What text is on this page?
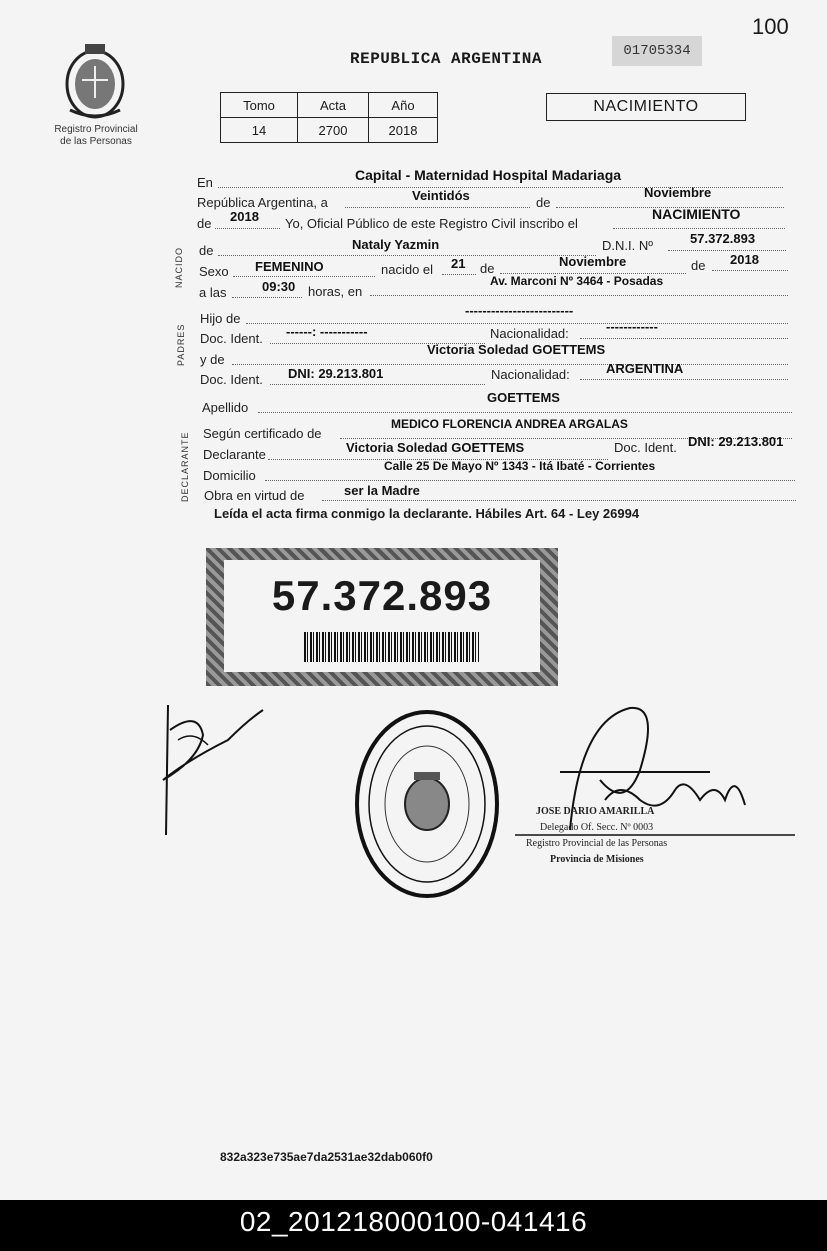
100
Registro Provincial
de las Personas
REPUBLICA ARGENTINA	01705334
Tomo	Acta	Año
14	2700	2018
NACIMIENTO
En	Capital - Maternidad Hospital Madariaga
República Argentina, a	Veintidós	de
Noviembre
de 2018 Yo, Oficial Público de este Registro Civil inscribo el
NACIMIENTO
NACIDO de	Nataly Yazmin	D.N.I. Nº	57.372.893
Sexo FEMENINO	nacido el 21 de	Noviembre	de 2018
a las	09:30 horas, en
Av. Marconi Nº 3464 - Posadas
PADRES
Hijo de
-------------------------
Doc. Ident. ------: -----------	Nacionalidad:	------------
y de
Victoria Soledad GOETTEMS
Doc. Ident. DNI: 29.213.801	Nacionalidad:	ARGENTINA
Apellido
GOETTEMS
DECLARANTE Según certificado de
MEDICO FLORENCIA ANDREA ARGALAS
Declarante	Victoria Soledad GOETTEMS	Doc. Ident. DNI: 29.213.801
Domicilio
Calle 25 De Mayo Nº 1343 - Itá Ibaté - Corrientes
Obra en virtud de	ser la Madre
Leída el acta firma conmigo la declarante. Hábiles Art. 64 - Ley 26994
57.372.893
JOSE DARIO AMARILLA
Delegado Of. Secc. Nº 0003
Registro Provincial de las Personas
Provincia de Misiones
832a323e735ae7da2531ae32dab060f0
02_201218000100-041416
